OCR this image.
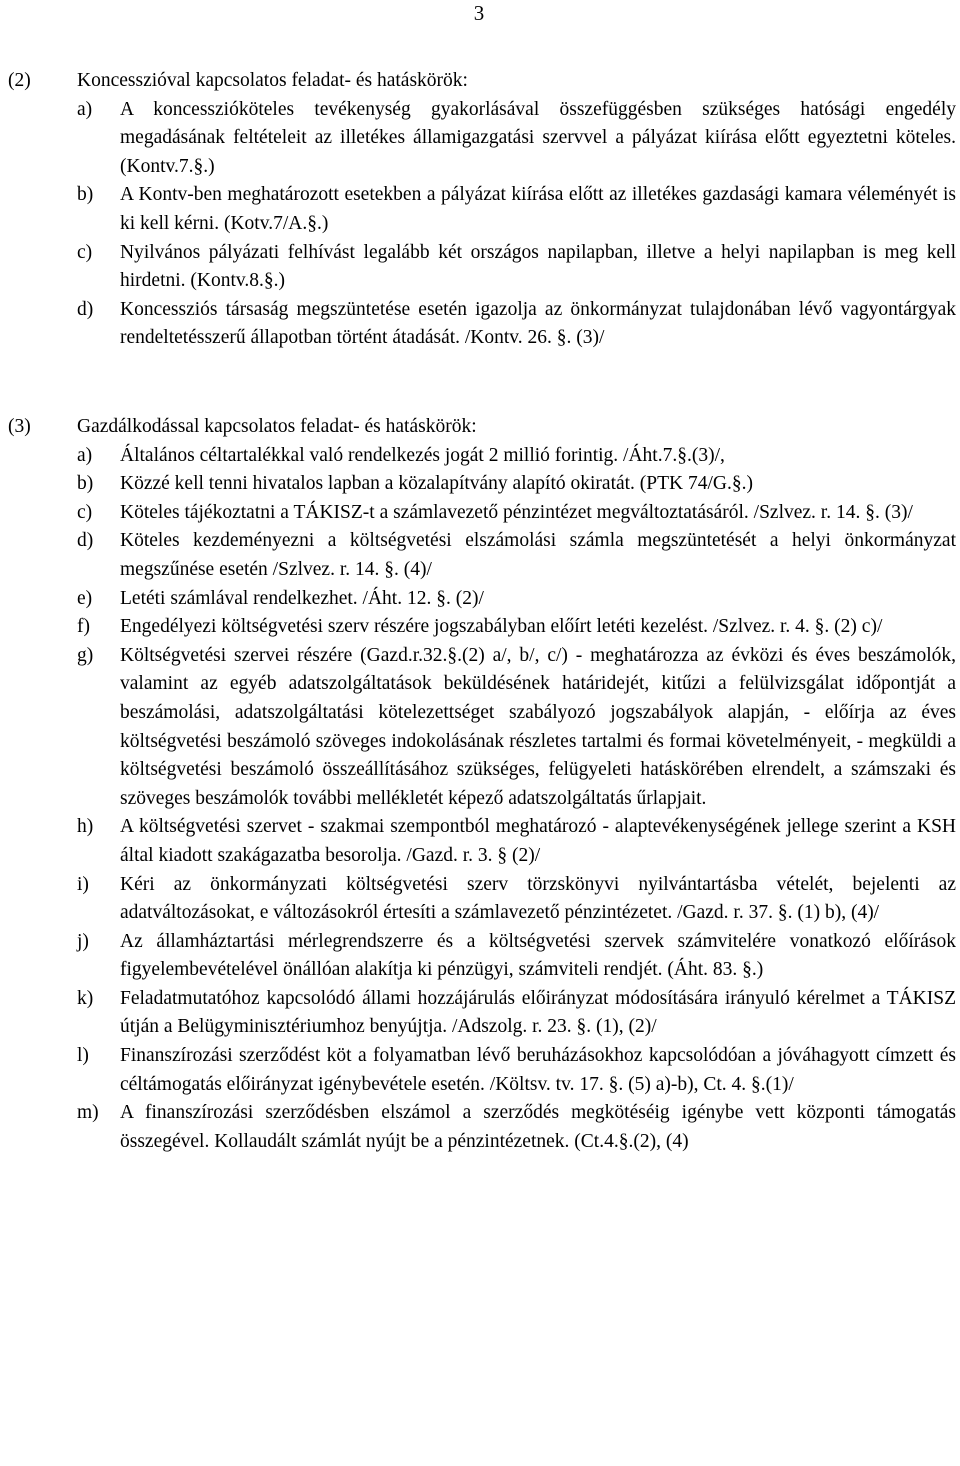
3
(2) Koncesszióval kapcsolatos feladat- és hatáskörök:
a)	A koncesszióköteles tevékenység gyakorlásával összefüggésben szükséges hatósági engedély megadásának feltételeit az illetékes államigazgatási szervvel a pályázat kiírása előtt egyeztetni köteles. (Kontv.7.§.)
b)	A Kontv-ben meghatározott esetekben a pályázat kiírása előtt az illetékes gazdasági kamara véleményét is ki kell kérni. (Kotv.7/A.§.)
c)	Nyilvános pályázati felhívást legalább két országos napilapban, illetve a helyi napilapban is meg kell hirdetni. (Kontv.8.§.)
d)	Koncessziós társaság megszüntetése esetén igazolja az önkormányzat tulajdonában lévő vagyontárgyak rendeltetésszerű állapotban történt átadását. /Kontv. 26. §. (3)/
(3) Gazdálkodással kapcsolatos feladat- és hatáskörök:
a)	Általános céltartalékkal való rendelkezés jogát 2 millió forintig. /Áht.7.§.(3)/,
b)	Közzé kell tenni hivatalos lapban a közalapítvány alapító okiratát. (PTK 74/G.§.)
c)	Köteles tájékoztatni a TÁKISZ-t a számlavezető pénzintézet megváltoztatásáról. /Szlvez. r. 14. §. (3)/
d)	Köteles kezdeményezni a költségvetési elszámolási számla megszüntetését a helyi önkormányzat megszűnése esetén /Szlvez. r. 14. §. (4)/
e)	Letéti számlával rendelkezhet. /Áht. 12. §. (2)/
f)	Engedélyezi költségvetési szerv részére jogszabályban előírt letéti kezelést. /Szlvez. r. 4. §. (2) c)/
g)	Költségvetési szervei részére (Gazd.r.32.§.(2) a/, b/, c/) - meghatározza az évközi és éves beszámolók, valamint az egyéb adatszolgáltatások beküldésének határidejét, kitűzi a felülvizsgálat időpontját a beszámolási, adatszolgáltatási kötelezettséget szabályozó jogszabályok alapján, - előírja az éves költségvetési beszámoló szöveges indokolásának részletes tartalmi és formai követelményeit, - megküldi a költségvetési beszámoló összeállításához szükséges, felügyeleti hatáskörében elrendelt, a számszaki és szöveges beszámolók további mellékletét képező adatszolgáltatás űrlapjait.
h)	A költségvetési szervet - szakmai szempontból meghatározó - alaptevékenységének jellege szerint a KSH által kiadott szakágazatba besorolja. /Gazd. r. 3. § (2)/
i)	Kéri az önkormányzati költségvetési szerv törzskönyvi nyilvántartásba vételét, bejelenti az adatváltozásokat, e változásokról értesíti a számlavezető pénzintézetet. /Gazd. r. 37. §. (1) b), (4)/
j)	Az államháztartási mérlegrendszerre és a költségvetési szervek számvitelére vonatkozó előírások figyelembevételével önállóan alakítja ki pénzügyi, számviteli rendjét. (Áht. 83. §.)
k)	Feladatmutatóhoz kapcsolódó állami hozzájárulás előirányzat módosítására irányuló kérelmet a TÁKISZ útján a Belügyminisztériumhoz benyújtja. /Adszolg. r. 23. §. (1), (2)/
l)	Finanszírozási szerződést köt a folyamatban lévő beruházásokhoz kapcsolódóan a jóváhagyott címzett és céltámogatás előirányzat igénybevétele esetén. /Költsv. tv. 17. §. (5) a)-b), Ct. 4. §.(1)/
m)	A finanszírozási szerződésben elszámol a szerződés megkötéséig igénybe vett központi támogatás összegével. Kollaudált számlát nyújt be a pénzintézetnek. (Ct.4.§.(2), (4)
